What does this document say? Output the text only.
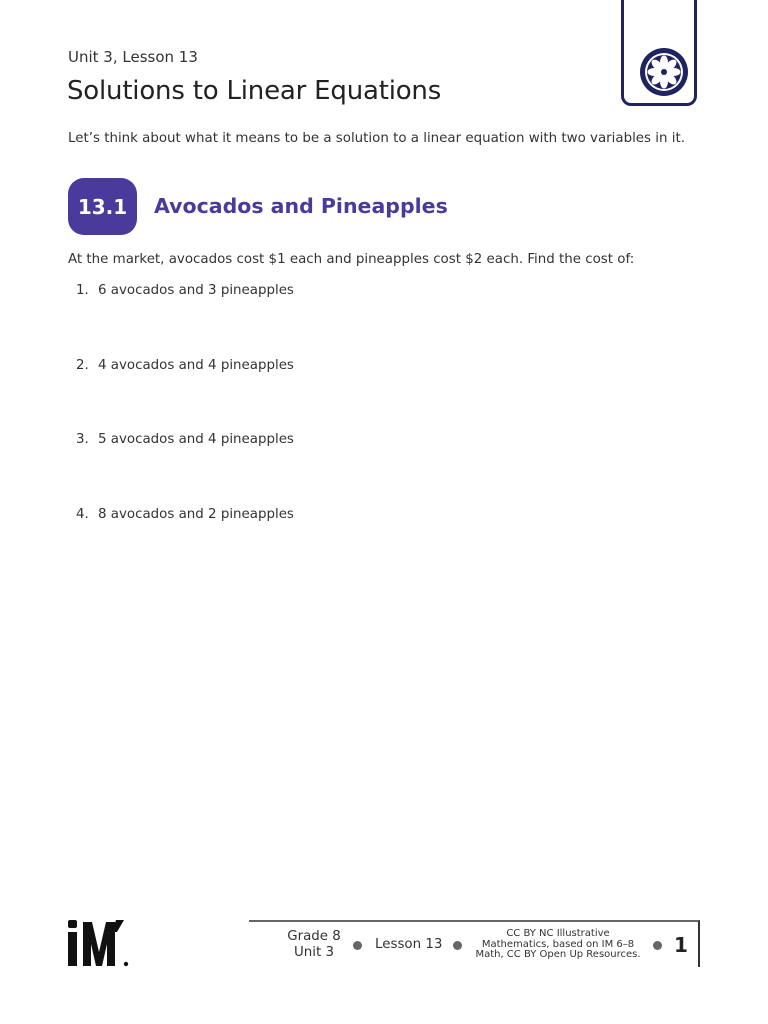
Unit 3, Lesson 13
Solutions to Linear Equations
Let’s think about what it means to be a solution to a linear equation with two variables in it.
13.1	Avocados and Pineapples
At the market, avocados cost $1 each and pineapples cost $2 each. Find the cost of:
1. 6 avocados and 3 pineapples
2. 4 avocados and 4 pineapples
3. 5 avocados and 4 pineapples
4. 8 avocados and 2 pineapples
Grade 8
Unit 3
Lesson 13
CC BY NC Illustrative
Mathematics, based on IM 6–8
Math, CC BY Open Up Resources. 1
